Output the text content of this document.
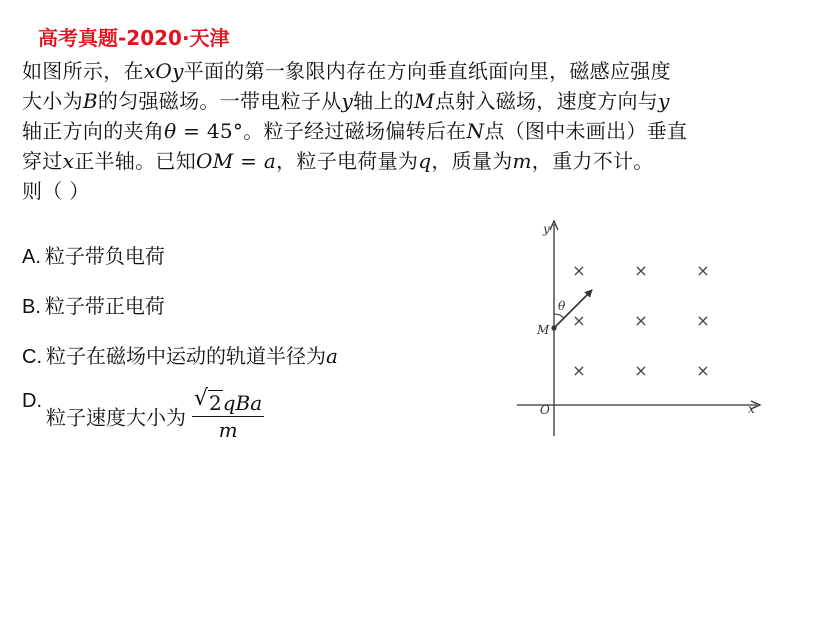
高考真题-2020·天津
如图所示，在xOy平面的第一象限内存在方向垂直纸面向里，磁感应强度
大小为B的匀强磁场。一带电粒子从y轴上的M点射入磁场，速度方向与y
轴正方向的夹角θ = 45°。粒子经过磁场偏转后在N点（图中未画出）垂直
穿过x正半轴。已知OM = a，粒子电荷量为q，质量为m，重力不计。
则（ ）
A. 粒子带负电荷
B. 粒子带正电荷
C. 粒子在磁场中运动的轨道半径为a
D.粒子速度大小为 $\frac{\text{√ 2qBa}}{m}$
y
x
O
M
θ
×	×	×
×	×	×
×	×	×
